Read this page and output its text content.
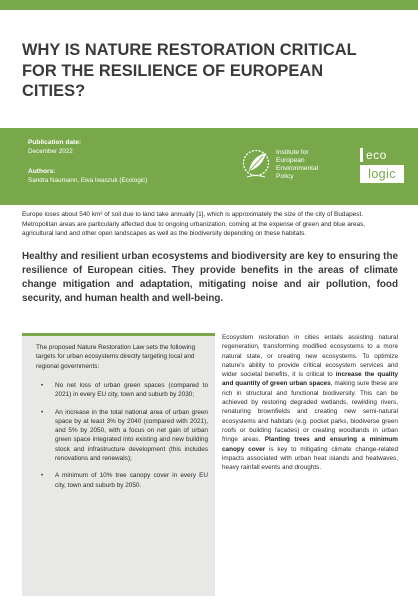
WHY IS NATURE RESTORATION CRITICAL FOR THE RESILIENCE OF EUROPEAN CITIES?
Publication date:
December 2022
Authors:
Sandra Naumann, Ewa Iwaszuk (Ecologic)
Institute for
European
Environmental
Policy
eco
logic

Europe loses about 540 km² of soil due to land take annually [1], which is approximately the size of the city of Budapest. Metropolitan areas are particularly affected due to ongoing urbanization, coming at the expense of green and blue areas, agricultural land and other open landscapes as well as the biodiversity depending on these habitats.

Healthy and resilient urban ecosystems and biodiversity are key to ensuring the resilience of European cities. They provide benefits in the areas of climate change mitigation and adaptation, mitigating noise and air pollution, food security, and human health and well-being.

The proposed Nature Restoration Law sets the following targets for urban ecosystems directly targeting local and regional governments:

• No net loss of urban green spaces (compared to 2021) in every EU city, town and suburb by 2030;
• An increase in the total national area of urban green space by at least 3% by 2040 (compared with 2021), and 5% by 2050, with a focus on net gain of urban green space integrated into existing and new building stock and infrastructure development (this includes renovations and renewals);
• A minimum of 10% tree canopy cover in every EU city, town and suburb by 2050.

Ecosystem restoration in cities entails assisting natural regeneration, transforming modified ecosystems to a more natural state, or creating new ecosystems. To optimize nature’s ability to provide critical ecosystem services and wider societal benefits, it is critical to increase the quality and quantity of green urban spaces, making sure these are rich in structural and functional biodiversity. This can be achieved by restoring degraded wetlands, rewilding rivers, renaturing brownfields and creating new semi-natural ecosystems and habitats (e.g. pocket parks, biodiverse green roofs or building facades) or creating woodlands in urban fringe areas. Planting trees and ensuring a minimum canopy cover is key to mitigating climate change-related impacts associated with urban heat islands and heatwaves, heavy rainfall events and droughts.
